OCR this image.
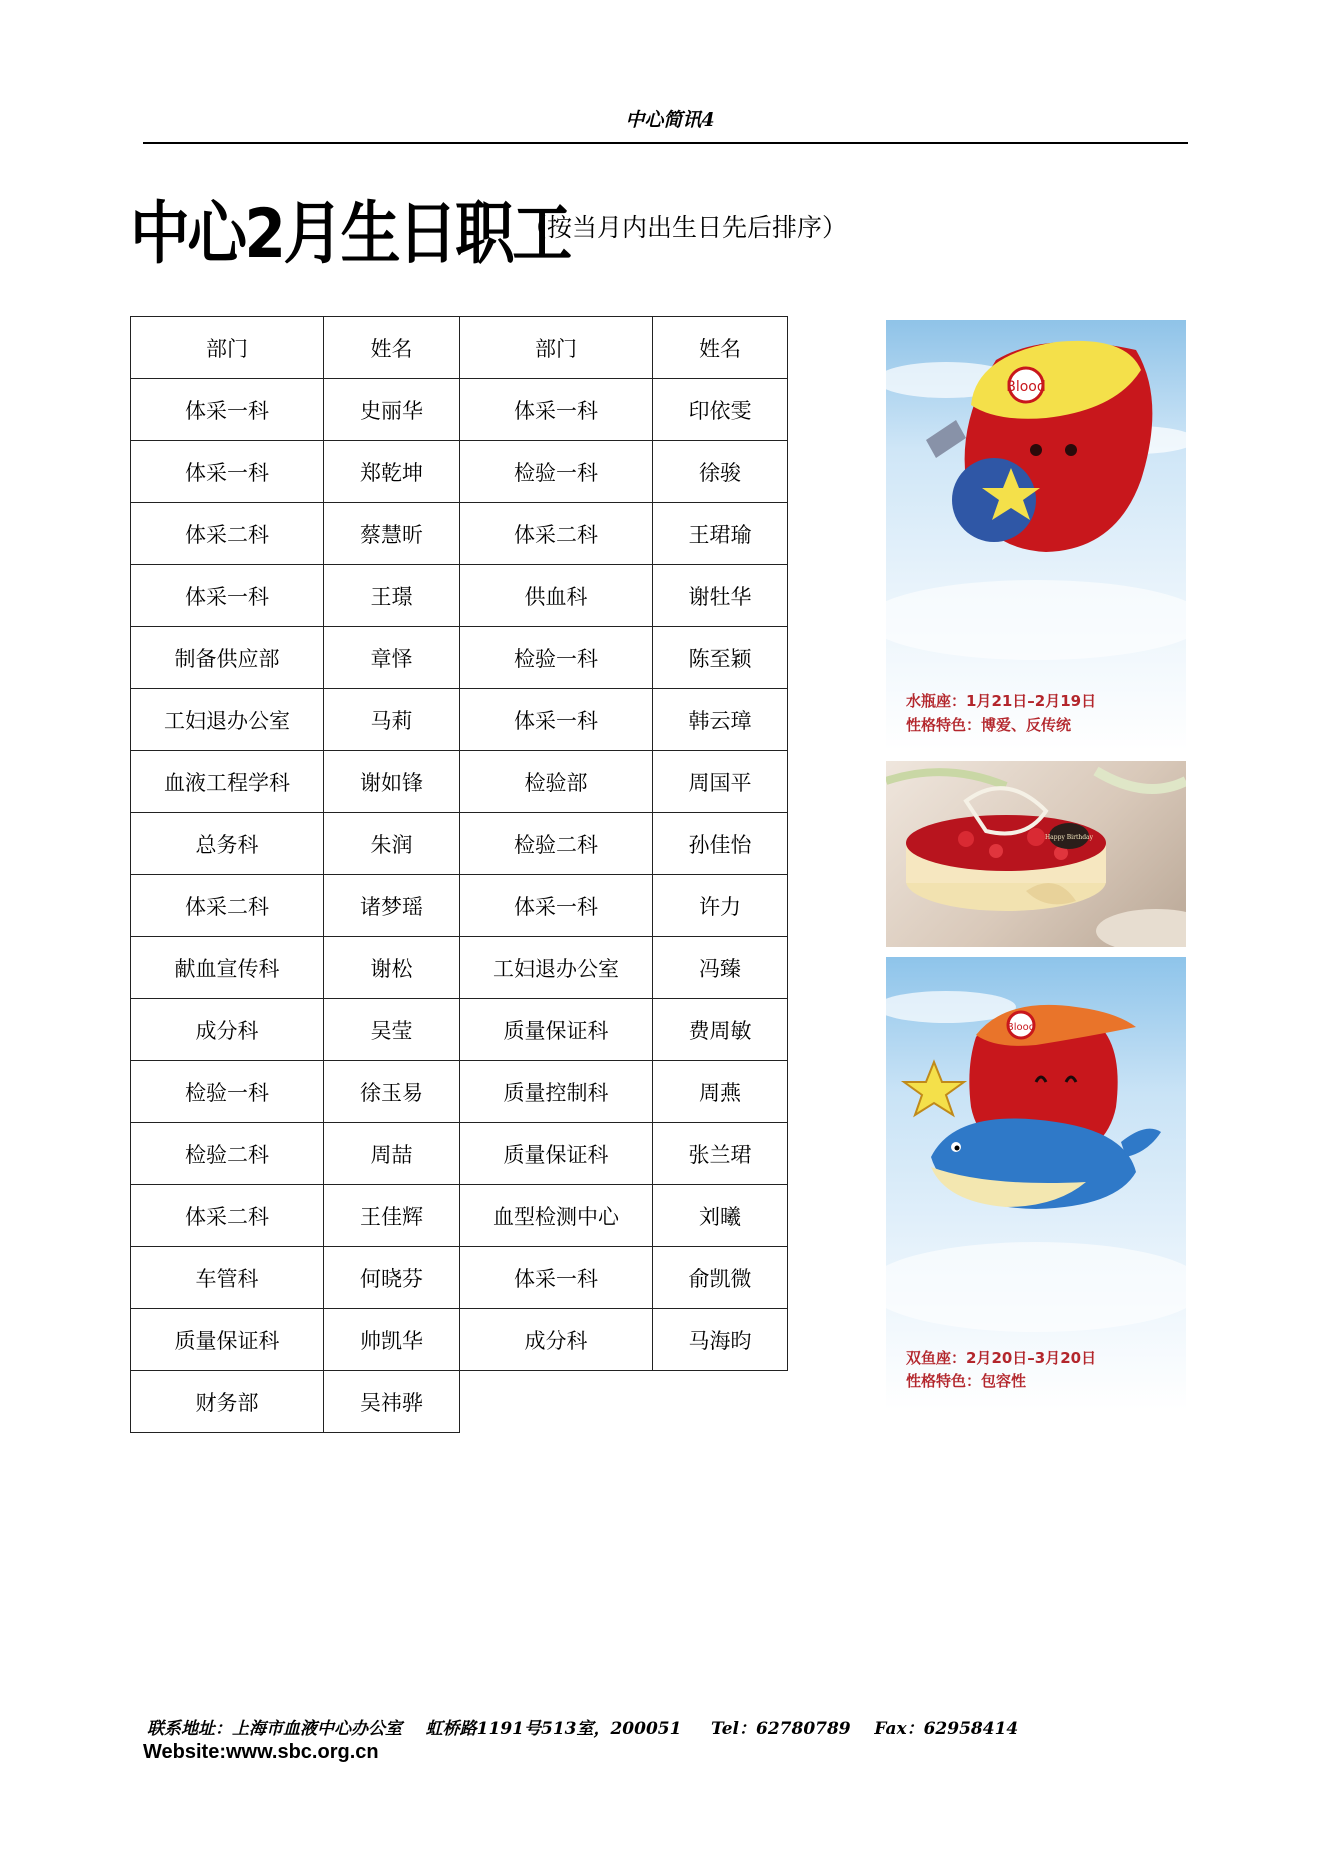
中心简讯4
中心2月生日职工
（按当月内出生日先后排序）
部门	姓名	部门	姓名
体采一科	史丽华	体采一科	印依雯
体采一科	郑乾坤	检验一科	徐骏
体采二科	蔡慧昕	体采二科	王珺瑜
体采一科	王璟	供血科	谢牡华
制备供应部	章怿	检验一科	陈至颖
工妇退办公室	马莉	体采一科	韩云璋
血液工程学科	谢如锋	检验部	周国平
总务科	朱润	检验二科	孙佳怡
体采二科	诸梦瑶	体采一科	许力
献血宣传科	谢松	工妇退办公室	冯臻
成分科	吴莹	质量保证科	费周敏
检验一科	徐玉易	质量控制科	周燕
检验二科	周喆	质量保证科	张兰珺
体采二科	王佳辉	血型检测中心	刘曦
车管科	何晓芬	体采一科	俞凯微
质量保证科	帅凯华	成分科	马海昀
财务部	吴祎骅		
Blood
水瓶座：1月21日–2月19日
性格特色：博爱、反传统
Happy Birthday
Blood
双鱼座：2月20日–3月20日
性格特色：包容性
联系地址：上海市血液中心办公室    虹桥路1191号513室，200051     Tel：62780789    Fax：62958414
Website:www.sbc.org.cn
